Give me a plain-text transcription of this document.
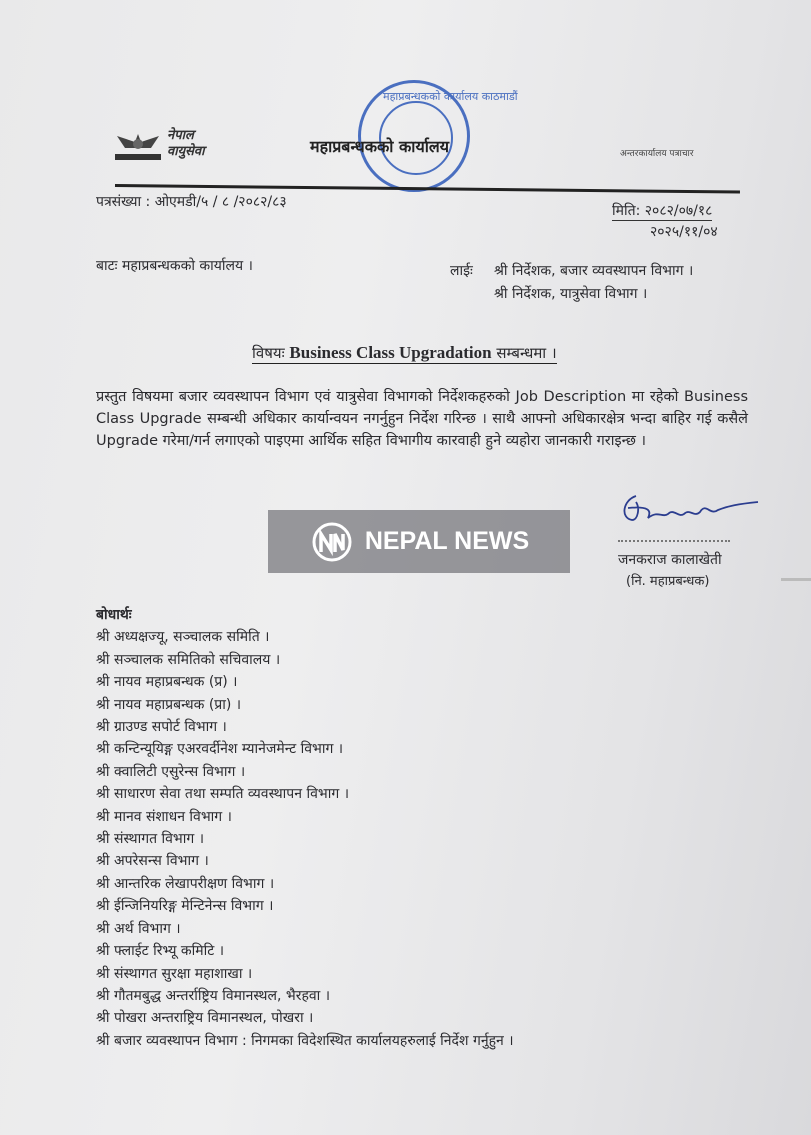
नेपाल
वायुसेवा
महाप्रबन्धकको कार्यालय काठमाडौं
महाप्रबन्धकको कार्यालय	अन्तरकार्यालय पत्राचार
पत्रसंख्या : ओएमडी/५ / ८ /२०८२/८३
मिति: २०८२/०७/१८
२०२५/११/०४
बाटः महाप्रबन्धकको कार्यालय ।	लाईः श्री निर्देशक, बजार व्यवस्थापन विभाग ।
श्री निर्देशक, यात्रुसेवा विभाग ।
विषयः Business Class Upgradation सम्बन्धमा ।
प्रस्तुत विषयमा बजार व्यवस्थापन विभाग एवं यात्रुसेवा विभागको निर्देशकहरुको Job Description मा रहेको Business Class Upgrade सम्बन्धी अधिकार कार्यान्वयन नगर्नुहुन निर्देश गरिन्छ । साथै आफ्नो अधिकारक्षेत्र भन्दा बाहिर गई कसैले Upgrade गरेमा/गर्न लगाएको पाइएमा आर्थिक सहित विभागीय कारवाही हुने व्यहोरा जानकारी गराइन्छ ।
NEPAL NEWS
जनकराज कालाखेती
(नि. महाप्रबन्धक)
बोधार्थः
श्री अध्यक्षज्यू, सञ्चालक समिति ।
श्री सञ्चालक समितिको सचिवालय ।
श्री नायव महाप्रबन्धक (प्र) ।
श्री नायव महाप्रबन्धक (प्रा) ।
श्री ग्राउण्ड सपोर्ट विभाग ।
श्री कन्टिन्यूयिङ्ग एअरवर्दीनेश म्यानेजमेन्ट विभाग ।
श्री क्वालिटी एसुरेन्स विभाग ।
श्री साधारण सेवा तथा सम्पति व्यवस्थापन विभाग ।
श्री मानव संशाधन विभाग ।
श्री संस्थागत विभाग ।
श्री अपरेसन्स विभाग ।
श्री आन्तरिक लेखापरीक्षण विभाग ।
श्री ईन्जिनियरिङ्ग मेन्टिनेन्स विभाग ।
श्री अर्थ विभाग ।
श्री फ्लाईट रिभ्यू कमिटि ।
श्री संस्थागत सुरक्षा महाशाखा ।
श्री गौतमबुद्ध अन्तर्राष्ट्रिय विमानस्थल, भैरहवा ।
श्री पोखरा अन्तराष्ट्रिय विमानस्थल, पोखरा ।
श्री बजार व्यवस्थापन विभाग : निगमका विदेशस्थित कार्यालयहरुलाई निर्देश गर्नुहुन ।
